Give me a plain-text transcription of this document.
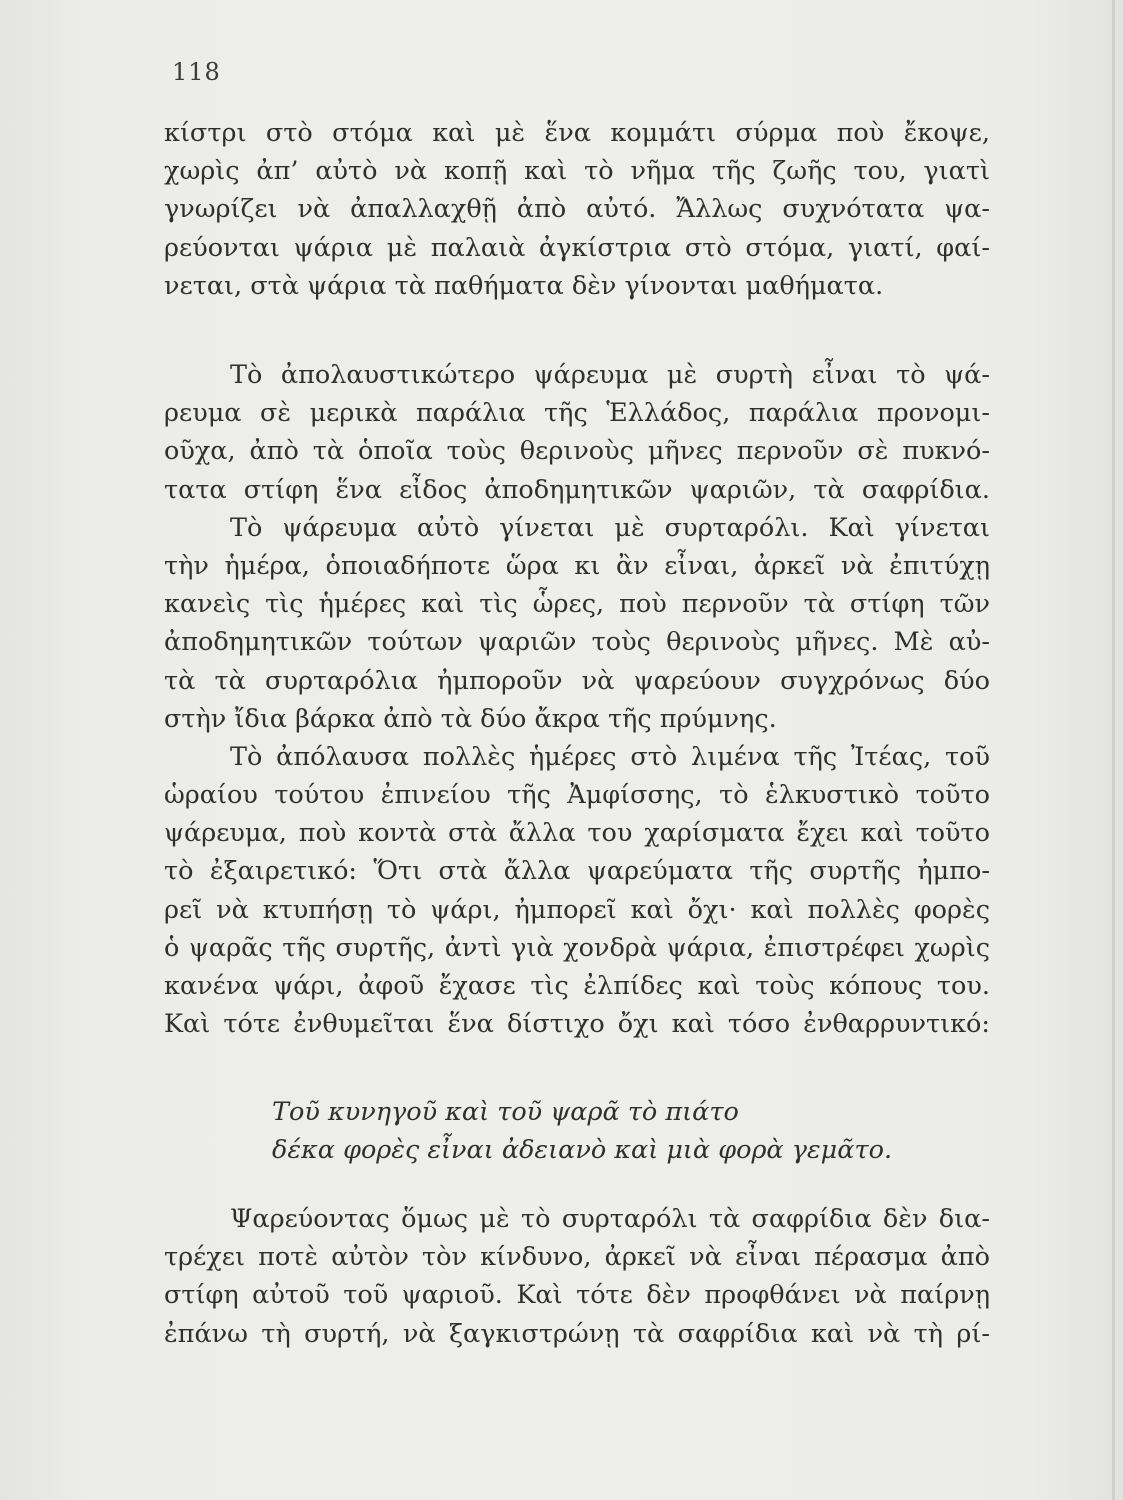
118
κίστρι στὸ στόμα καὶ μὲ ἕνα κομμάτι σύρμα ποὺ ἔκοψε,
χωρὶς ἀπ’ αὐτὸ νὰ κοπῇ καὶ τὸ νῆμα τῆς ζωῆς του, γιατὶ
γνωρίζει νὰ ἀπαλλαχθῇ ἀπὸ αὐτό. Ἄλλως συχνότατα ψα-
ρεύονται ψάρια μὲ παλαιὰ ἀγκίστρια στὸ στόμα, γιατί, φαί-
νεται, στὰ ψάρια τὰ παθήματα δὲν γίνονται μαθήματα.
Τὸ ἀπολαυστικώτερο ψάρευμα μὲ συρτὴ εἶναι τὸ ψά-
ρευμα σὲ μερικὰ παράλια τῆς Ἑλλάδος, παράλια προνομι-
οῦχα, ἀπὸ τὰ ὁποῖα τοὺς θερινοὺς μῆνες περνοῦν σὲ πυκνό-
τατα στίφη ἕνα εἶδος ἀποδημητικῶν ψαριῶν, τὰ σαφρίδια.
Τὸ ψάρευμα αὐτὸ γίνεται μὲ συρταρόλι. Καὶ γίνεται
τὴν ἡμέρα, ὁποιαδήποτε ὥρα κι ἂν εἶναι, ἀρκεῖ νὰ ἐπιτύχῃ
κανεὶς τὶς ἡμέρες καὶ τὶς ὧρες, ποὺ περνοῦν τὰ στίφη τῶν
ἀποδημητικῶν τούτων ψαριῶν τοὺς θερινοὺς μῆνες. Μὲ αὐ-
τὰ τὰ συρταρόλια ἠμποροῦν νὰ ψαρεύουν συγχρόνως δύο
στὴν ἴδια βάρκα ἀπὸ τὰ δύο ἄκρα τῆς πρύμνης.
Τὸ ἀπόλαυσα πολλὲς ἡμέρες στὸ λιμένα τῆς Ἰτέας, τοῦ
ὡραίου τούτου ἐπινείου τῆς Ἀμφίσσης, τὸ ἑλκυστικὸ τοῦτο
ψάρευμα, ποὺ κοντὰ στὰ ἄλλα του χαρίσματα ἔχει καὶ τοῦτο
τὸ ἐξαιρετικό: Ὅτι στὰ ἄλλα ψαρεύματα τῆς συρτῆς ἠμπο-
ρεῖ νὰ κτυπήσῃ τὸ ψάρι, ἠμπορεῖ καὶ ὄχι· καὶ πολλὲς φορὲς
ὁ ψαρᾶς τῆς συρτῆς, ἀντὶ γιὰ χονδρὰ ψάρια, ἐπιστρέφει χωρὶς
κανένα ψάρι, ἀφοῦ ἔχασε τὶς ἐλπίδες καὶ τοὺς κόπους του.
Καὶ τότε ἐνθυμεῖται ἕνα δίστιχο ὄχι καὶ τόσο ἐνθαρρυντικό:
Τοῦ κυνηγοῦ καὶ τοῦ ψαρᾶ τὸ πιάτο
δέκα φορὲς εἶναι ἀδειανὸ καὶ μιὰ φορὰ γεμᾶτο.
Ψαρεύοντας ὅμως μὲ τὸ συρταρόλι τὰ σαφρίδια δὲν δια-
τρέχει ποτὲ αὐτὸν τὸν κίνδυνο, ἀρκεῖ νὰ εἶναι πέρασμα ἀπὸ
στίφη αὐτοῦ τοῦ ψαριοῦ. Καὶ τότε δὲν προφθάνει νὰ παίρνῃ
ἐπάνω τὴ συρτή, νὰ ξαγκιστρώνῃ τὰ σαφρίδια καὶ νὰ τὴ ρί-
